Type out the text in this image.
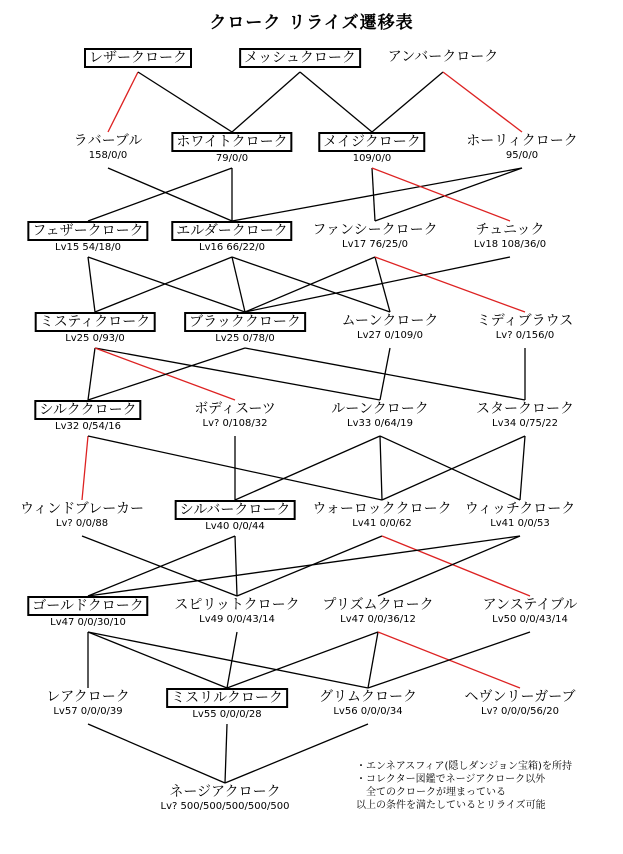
クローク リライズ遷移表
レザークローク	メッシュクローク	アンバークローク
ラバーブル
158/0/0
ホワイトクローク
79/0/0
メイジクローク
109/0/0
ホーリィクローク
95/0/0
フェザークローク
Lv15 54/18/0
エルダークローク
Lv16 66/22/0
ファンシークローク
Lv17 76/25/0
チュニック
Lv18 108/36/0
ミスティクローク
Lv25 0/93/0
ブラッククローク
Lv25 0/78/0
ムーンクローク
Lv27 0/109/0
ミディブラウス
Lv? 0/156/0
シルククローク
Lv32 0/54/16
ボディスーツ
Lv? 0/108/32
ルーンクローク
Lv33 0/64/19
スタークローク
Lv34 0/75/22
ウィンドブレーカー
Lv? 0/0/88
シルバークローク
Lv40 0/0/44
ウォーロッククローク
Lv41 0/0/62
ウィッチクローク
Lv41 0/0/53
ゴールドクローク
Lv47 0/0/30/10
スピリットクローク
Lv49 0/0/43/14
プリズムクローク
Lv47 0/0/36/12
アンステイブル
Lv50 0/0/43/14
レアクローク
Lv57 0/0/0/39
ミスリルクローク
Lv55 0/0/0/28
グリムクローク
Lv56 0/0/0/34
ヘヴンリーガーブ
Lv? 0/0/0/56/20
ネージアクローク
Lv? 500/500/500/500/500
・エンネアスフィア(隠しダンジョン宝箱)を所持
・コレクター図鑑でネージアクローク以外
全てのクロークが埋まっている
以上の条件を満たしているとリライズ可能
